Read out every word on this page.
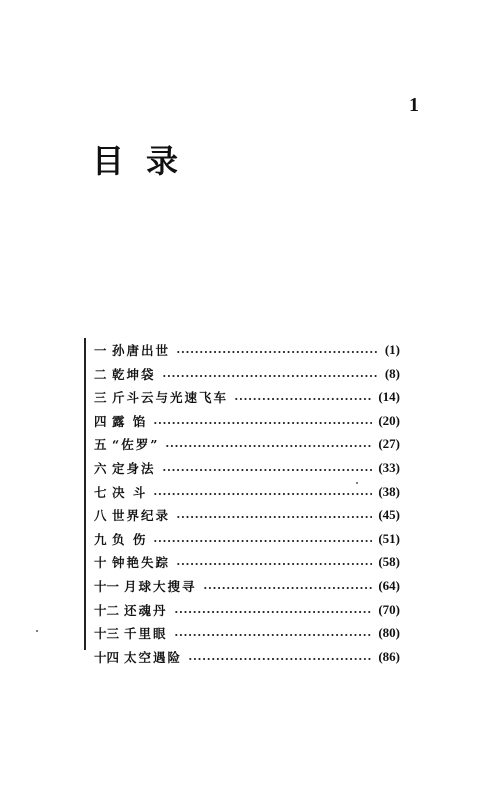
1
目录
一 孙唐出世	(1)
二 乾坤袋	(8)
三 斤斗云与光速飞车	(14)
四 露 馅	(20)
五 “佐罗”	(27)
六 定身法	(33)
七 决 斗	(38)
八 世界纪录	(45)
九 负 伤	(51)
十 钟艳失踪	(58)
十一 月球大搜寻	(64)
十二 还魂丹	(70)
十三 千里眼	(80)
十四 太空遇险	(86)
